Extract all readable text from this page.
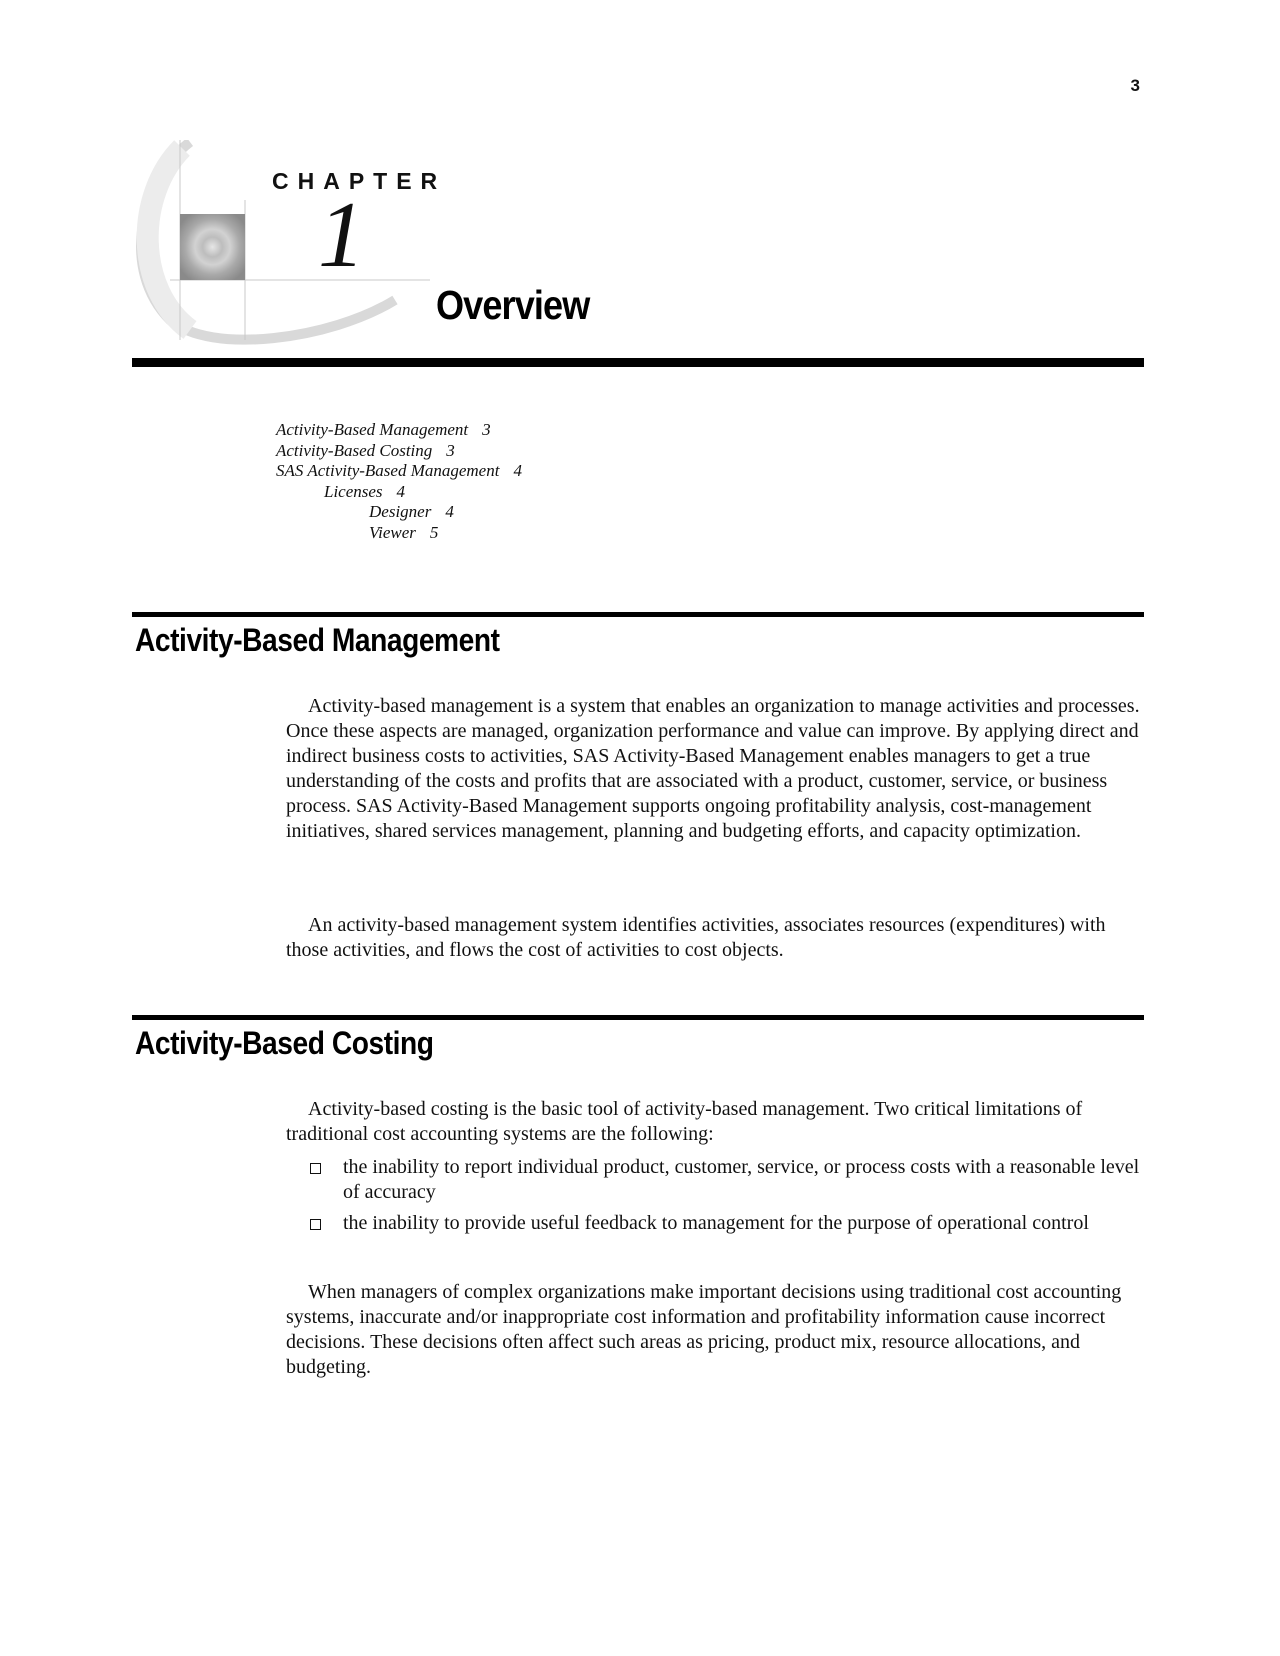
3
CHAPTER
1
Overview
Activity-Based Management 3
Activity-Based Costing 3
SAS Activity-Based Management 4
Licenses 4
Designer 4
Viewer 5
Activity-Based Management

Activity-based management is a system that enables an organization to manage activities and processes. Once these aspects are managed, organization performance and value can improve. By applying direct and indirect business costs to activities, SAS Activity-Based Management enables managers to get a true understanding of the costs and profits that are associated with a product, customer, service, or business process. SAS Activity-Based Management supports ongoing profitability analysis, cost-management initiatives, shared services management, planning and budgeting efforts, and capacity optimization.

An activity-based management system identifies activities, associates resources (expenditures) with those activities, and flows the cost of activities to cost objects.

Activity-Based Costing

Activity-based costing is the basic tool of activity-based management. Two critical limitations of traditional cost accounting systems are the following:

the inability to report individual product, customer, service, or process costs with a reasonable level of accuracy
the inability to provide useful feedback to management for the purpose of operational control

When managers of complex organizations make important decisions using traditional cost accounting systems, inaccurate and/or inappropriate cost information and profitability information cause incorrect decisions. These decisions often affect such areas as pricing, product mix, resource allocations, and budgeting.
